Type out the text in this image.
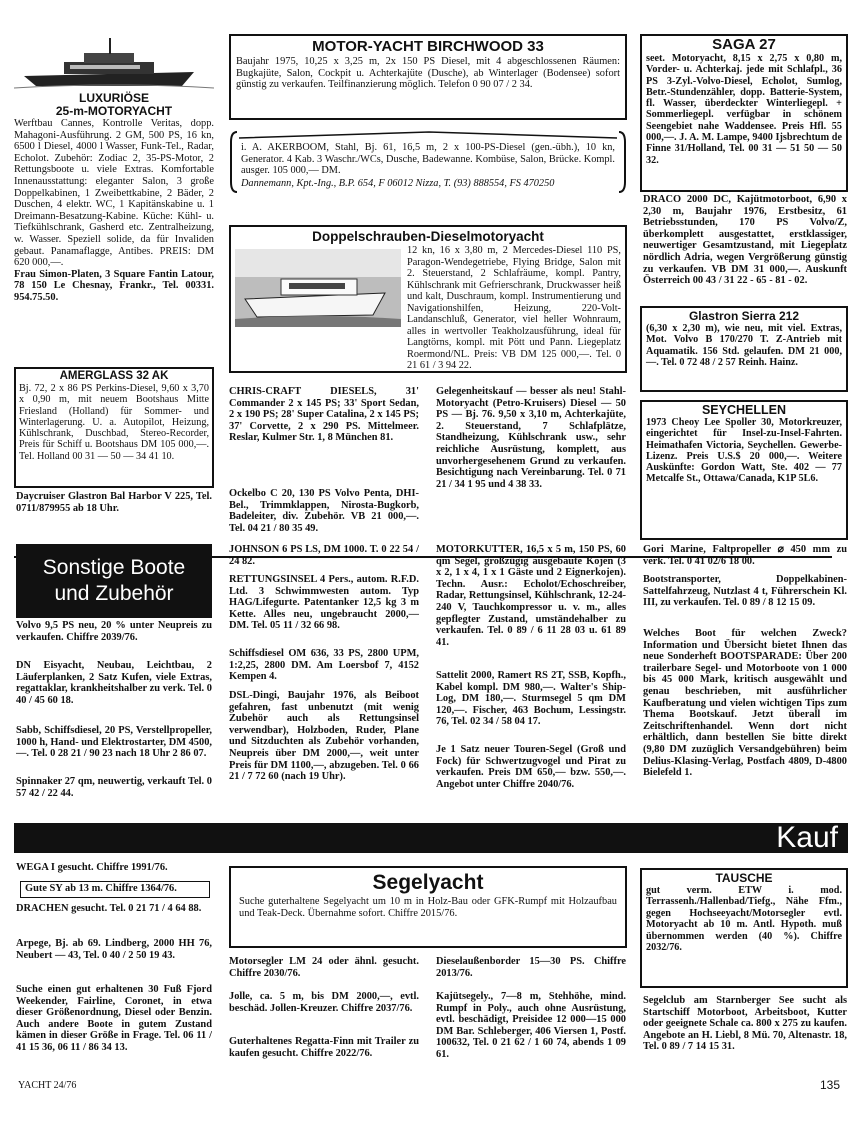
LUXURIÖSE
25-m-MOTORYACHT
Werftbau Cannes, Kontrolle Veritas, dopp. Mahagoni-Ausführung. 2 GM, 500 PS, 16 kn, 6500 l Diesel, 4000 l Wasser, Funk-Tel., Radar, Echolot. Zubehör: Zodiac 2, 35-PS-Motor, 2 Rettungsboote u. viele Extras. Komfortable Innenausstattung: eleganter Salon, 3 große Doppelkabinen, 1 Zweibettkabine, 2 Bäder, 2 Duschen, 4 elektr. WC, 1 Kapitänskabine u. 1 Dreimann-Besatzung-Kabine. Küche: Kühl- u. Tiefkühlschrank, Gasherd etc. Zentralheizung, w. Wasser. Speziell solide, da für Invaliden gebaut. Panamaflagge, Antibes. PREIS: DM 620 000,—.
Frau Simon-Platen, 3 Square Fantin Latour, 78 150 Le Chesnay, Frankr., Tel. 00331. 954.75.50.
AMERGLASS 32 AK
Bj. 72, 2 x 86 PS Perkins-Diesel, 9,60 x 3,70 x 0,90 m, mit neuem Bootshaus Mitte Friesland (Holland) für Sommer- und Winterlagerung. U. a. Autopilot, Heizung, Kühlschrank, Duschbad, Stereo-Recorder, Preis für Schiff u. Bootshaus DM 105 000,—. Tel. Holland 00 31 — 50 — 34 41 10.
Daycruiser Glastron Bal Harbor V 225, Tel. 0711/879955 ab 18 Uhr.
MOTOR-YACHT BIRCHWOOD 33
Baujahr 1975, 10,25 x 3,25 m, 2x 150 PS Diesel, mit 4 abgeschlossenen Räumen: Bugkajüte, Salon, Cockpit u. Achterkajüte (Dusche), ab Winterlager (Bodensee) sofort günstig zu verkaufen. Teilfinanzierung möglich. Telefon 0 90 07 / 2 34.
i. A. AKERBOOM, Stahl, Bj. 61, 16,5 m, 2 x 100-PS-Diesel (gen.-übh.), 10 kn, Generator. 4 Kab. 3 Waschr./WCs, Dusche, Badewanne. Kombüse, Salon, Brücke. Kompl. ausger. 105 000,— DM.
Dannemann, Kpt.-Ing., B.P. 654, F 06012 Nizza, T. (93) 888554, FS 470250
Doppelschrauben-Dieselmotoryacht
12 kn, 16 x 3,80 m, 2 Mercedes-Diesel 110 PS, Paragon-Wendegetriebe, Flying Bridge, Salon mit 2. Steuerstand, 2 Schlafräume, kompl. Pantry, Kühlschrank mit Gefrierschrank, Druckwasser heiß und kalt, Duschraum, kompl. Instrumentierung und Navigationshilfen, Heizung, 220-Volt-Landanschluß, Generator, viel heller Wohnraum, alles in wertvoller Teakholzausführung, ideal für Langtörns, kompl. mit Pött und Pann. Liegeplatz Roermond/NL. Preis: VB DM 125 000,—. Tel. 0 21 61 / 3 94 22.
CHRIS-CRAFT DIESELS, 31' Commander 2 x 145 PS; 33' Sport Sedan, 2 x 190 PS; 28' Super Catalina, 2 x 145 PS; 37' Corvette, 2 x 290 PS. Mittelmeer. Reslar, Kulmer Str. 1, 8 München 81.
Ockelbo C 20, 130 PS Volvo Penta, DHI-Bel., Trimmklappen, Nirosta-Bugkorb, Badeleiter, div. Zubehör. VB 21 000,—. Tel. 04 21 / 80 35 49.
Gelegenheitskauf — besser als neu! Stahl-Motoryacht (Petro-Kruisers) Diesel — 50 PS — Bj. 76. 9,50 x 3,10 m, Achterkajüte, 2. Steuerstand, 7 Schlafplätze, Standheizung, Kühlschrank usw., sehr reichliche Ausrüstung, komplett, aus unvorhergesehenem Grund zu verkaufen. Besichtigung nach Vereinbarung. Tel. 0 71 21 / 34 1 95 und 4 38 33.
SAGA 27
seet. Motoryacht, 8,15 x 2,75 x 0,80 m, Vorder- u. Achterkaj. jede mit Schlafpl., 36 PS 3-Zyl.-Volvo-Diesel, Echolot, Sumlog, Betr.-Stundenzähler, dopp. Batterie-System, fl. Wasser, überdeckter Winterliegepl. + Sommerliegepl. verfügbar in schönem Seengebiet nahe Waddensee. Preis Hfl. 55 000,—. J. A. M. Lampe, 9400 Ijsbrechtum de Finne 31/Holland, Tel. 00 31 — 51 50 — 50 32.
DRACO 2000 DC, Kajütmotorboot, 6,90 x 2,30 m, Baujahr 1976, Erstbesitz, 61 Betriebsstunden, 170 PS Volvo/Z, überkomplett ausgestattet, erstklassiger, neuwertiger Gesamtzustand, mit Liegeplatz nördlich Adria, wegen Vergrößerung günstig zu verkaufen. VB DM 31 000,—. Auskunft Österreich 00 43 / 31 22 - 65 - 81 - 02.
Glastron Sierra 212
(6,30 x 2,30 m), wie neu, mit viel. Extras, Mot. Volvo B 170/270 T. Z-Antrieb mit Aquamatik. 156 Std. gelaufen. DM 21 000,—. Tel. 0 72 48 / 2 57 Reinh. Hainz.
SEYCHELLEN
1973 Cheoy Lee Spoller 30, Motorkreuzer, eingerichtet für Insel-zu-Insel-Fahrten. Heimathafen Victoria, Seychellen. Gewerbe-Lizenz. Preis U.S.$ 20 000,—. Weitere Auskünfte: Gordon Watt, Ste. 402 — 77 Metcalfe St., Ottawa/Canada, K1P 5L6.
Sonstige Boote
und Zubehör
Volvo 9,5 PS neu, 20 % unter Neupreis zu verkaufen. Chiffre 2039/76.
DN Eisyacht, Neubau, Leichtbau, 2 Läuferplanken, 2 Satz Kufen, viele Extras, regattaklar, krankheitshalber zu verk. Tel. 0 40 / 45 60 18.
Sabb, Schiffsdiesel, 20 PS, Verstellpropeller, 1000 h, Hand- und Elektrostarter, DM 4500,—. Tel. 0 28 21 / 90 23 nach 18 Uhr 2 86 07.
Spinnaker 27 qm, neuwertig, verkauft Tel. 0 57 42 / 22 44.
JOHNSON 6 PS LS, DM 1000. T. 0 22 54 / 24 82.
RETTUNGSINSEL 4 Pers., autom. R.F.D. Ltd. 3 Schwimmwesten autom. Typ HAG/Lifegurte. Patentanker 12,5 kg 3 m Kette. Alles neu, ungebraucht 2000,— DM. Tel. 05 11 / 32 66 98.
Schiffsdiesel OM 636, 33 PS, 2800 UPM, 1:2,25, 2800 DM. Am Loersbof 7, 4152 Kempen 4.
DSL-Dingi, Baujahr 1976, als Beiboot gefahren, fast unbenutzt (mit wenig Zubehör auch als Rettungsinsel verwendbar), Holzboden, Ruder, Plane und Sitzduchten als Zubehör vorhanden, Neupreis über DM 2000,—, weit unter Preis für DM 1100,—, abzugeben. Tel. 0 66 21 / 7 72 60 (nach 19 Uhr).
MOTORKUTTER, 16,5 x 5 m, 150 PS, 60 qm Segel, großzügig ausgebaute Kojen (3 x 2, 1 x 4, 1 x 1 Gäste und 2 Eignerkojen). Techn. Ausr.: Echolot/Echoschreiber, Radar, Rettungsinsel, Kühlschrank, 12-24-240 V, Tauchkompressor u. v. m., alles gepflegter Zustand, umständehalber zu verkaufen. Tel. 0 89 / 6 11 28 03 u. 61 89 41.
Sattelit 2000, Ramert RS 2T, SSB, Kopfh., Kabel kompl. DM 980,—. Walter's Ship-Log, DM 180,—. Sturmsegel 5 qm DM 120,—. Fischer, 463 Bochum, Lessingstr. 76, Tel. 02 34 / 58 04 17.
Je 1 Satz neuer Touren-Segel (Groß und Fock) für Schwertzugvogel und Pirat zu verkaufen. Preis DM 650,— bzw. 550,—. Angebot unter Chiffre 2040/76.
Gori Marine, Faltpropeller ⌀ 450 mm zu verk. Tel. 0 41 02/6 18 00.
Bootstransporter, Doppelkabinen-Sattelfahrzeug, Nutzlast 4 t, Führerschein Kl. III, zu verkaufen. Tel. 0 89 / 8 12 15 09.
Welches Boot für welchen Zweck? Information und Übersicht bietet Ihnen das neue Sonderheft BOOTSPARADE: Über 200 trailerbare Segel- und Motorboote von 1 000 bis 45 000 Mark, kritisch ausgewählt und genau beschrieben, mit ausführlicher Kaufberatung und vielen wichtigen Tips zum Thema Bootskauf. Jetzt überall im Zeitschriftenhandel. Wenn dort nicht erhältlich, dann bestellen Sie bitte direkt (9,80 DM zuzüglich Versandgebühren) beim Delius-Klasing-Verlag, Postfach 4809, D-4800 Bielefeld 1.
Kauf
WEGA I gesucht. Chiffre 1991/76.
Gute SY ab 13 m. Chiffre 1364/76.
DRACHEN gesucht. Tel. 0 21 71 / 4 64 88.
Arpege, Bj. ab 69. Lindberg, 2000 HH 76, Neubert — 43, Tel. 0 40 / 2 50 19 43.
Suche einen gut erhaltenen 30 Fuß Fjord Weekender, Fairline, Coronet, in etwa dieser Größenordnung, Diesel oder Benzin. Auch andere Boote in gutem Zustand kämen in dieser Größe in Frage. Tel. 06 11 / 41 15 36, 06 11 / 86 34 13.
Segelyacht
Suche guterhaltene Segelyacht um 10 m in Holz-Bau oder GFK-Rumpf mit Holzaufbau und Teak-Deck. Übernahme sofort. Chiffre 2015/76.
Motorsegler LM 24 oder ähnl. gesucht. Chiffre 2030/76.
Jolle, ca. 5 m, bis DM 2000,—, evtl. beschäd. Jollen-Kreuzer. Chiffre 2037/76.
Guterhaltenes Regatta-Finn mit Trailer zu kaufen gesucht. Chiffre 2022/76.
Dieselaußenborder 15—30 PS. Chiffre 2013/76.
Kajütsegely., 7—8 m, Stehhöhe, mind. Rumpf in Poly., auch ohne Ausrüstung, evtl. beschädigt, Preisidee 12 000—15 000 DM Bar. Schleberger, 406 Viersen 1, Postf. 100632, Tel. 0 21 62 / 1 60 74, abends 1 09 61.
TAUSCHE
gut verm. ETW i. mod. Terrassenh./Hallenbad/Tiefg., Nähe Ffm., gegen Hochseeyacht/Motorsegler evtl. Motoryacht ab 10 m. Antl. Hypoth. muß übernommen werden (40 %). Chiffre 2032/76.
Segelclub am Starnberger See sucht als Startschiff Motorboot, Arbeitsboot, Kutter oder geeignete Schale ca. 800 x 275 zu kaufen. Angebote an H. Liebl, 8 Mü. 70, Altenastr. 18, Tel. 0 89 / 7 14 15 31.
YACHT 24/76	135
